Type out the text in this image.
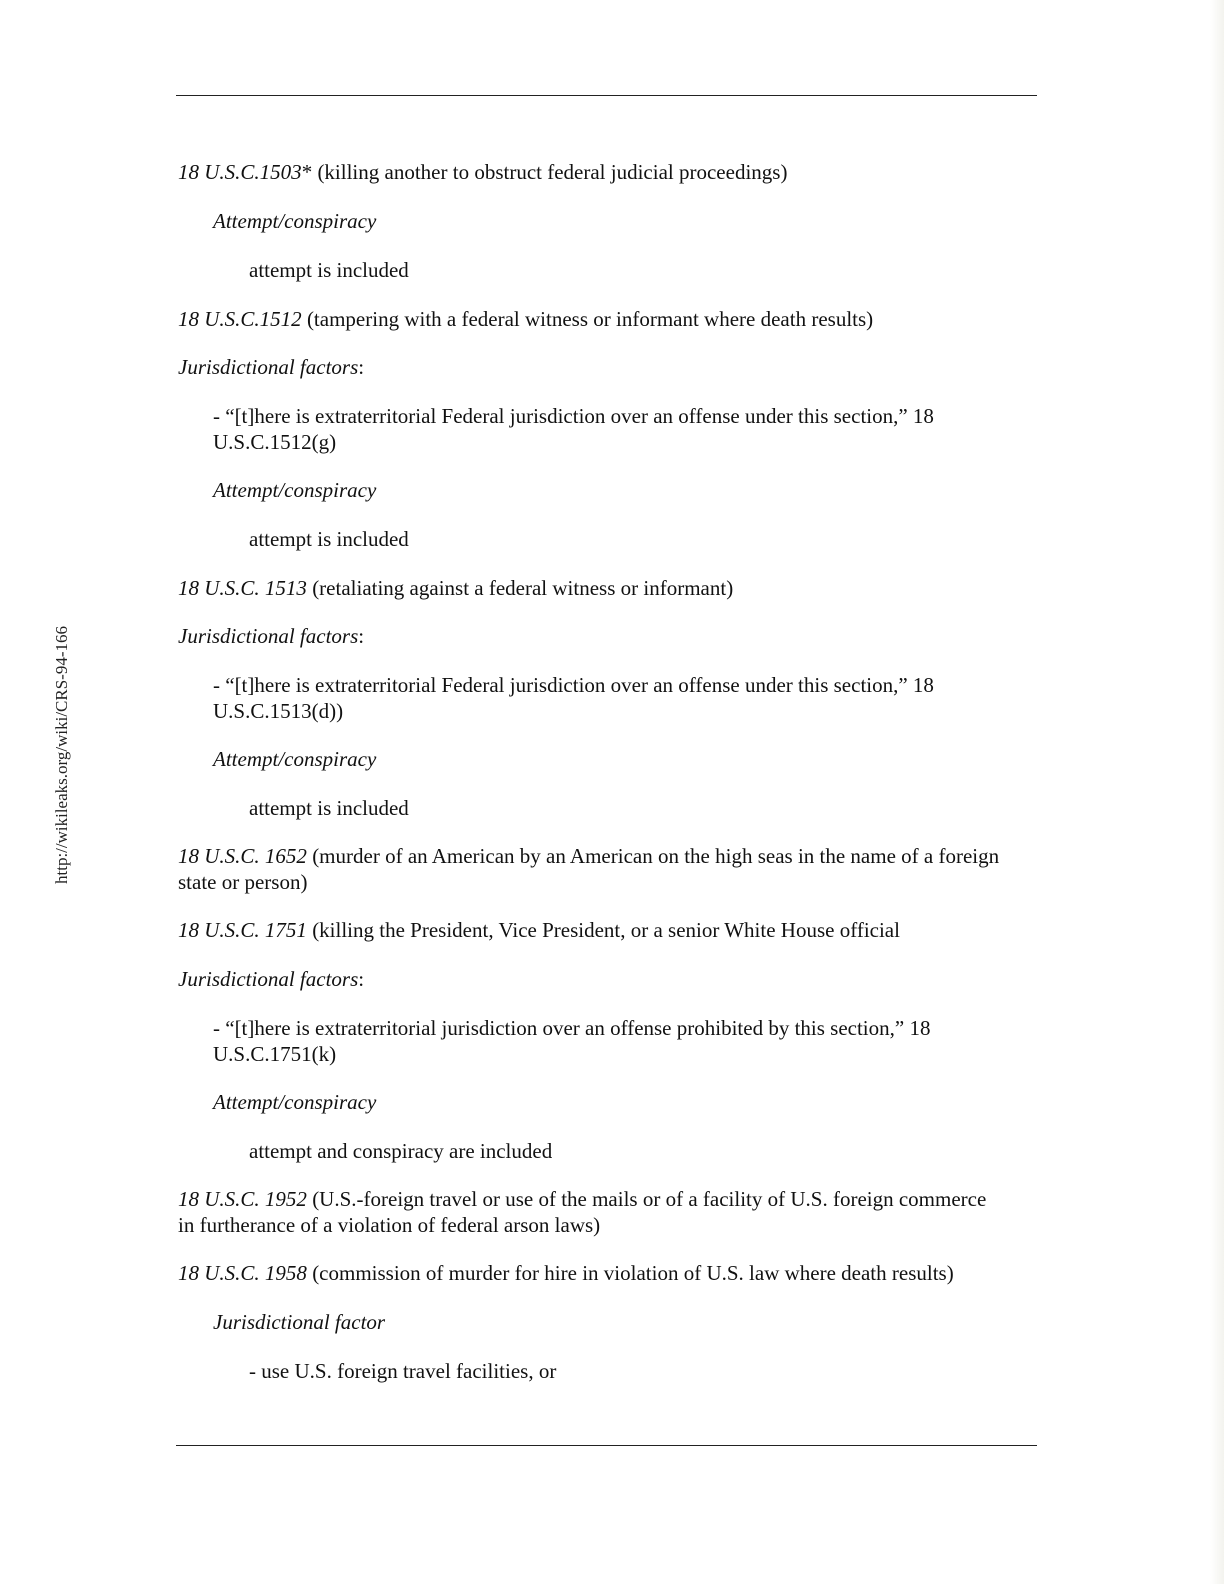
http://wikileaks.org/wiki/CRS-94-166
18 U.S.C.1503* (killing another to obstruct federal judicial proceedings)
Attempt/conspiracy
attempt is included
18 U.S.C.1512 (tampering with a federal witness or informant where death results)
Jurisdictional factors:
- “[t]here is extraterritorial Federal jurisdiction over an offense under this section,” 18
U.S.C.1512(g)
Attempt/conspiracy
attempt is included
18 U.S.C. 1513 (retaliating against a federal witness or informant)
Jurisdictional factors:
- “[t]here is extraterritorial Federal jurisdiction over an offense under this section,” 18
U.S.C.1513(d))
Attempt/conspiracy
attempt is included
18 U.S.C. 1652 (murder of an American by an American on the high seas in the name of a foreign
state or person)
18 U.S.C. 1751 (killing the President, Vice President, or a senior White House official
Jurisdictional factors:
- “[t]here is extraterritorial jurisdiction over an offense prohibited by this section,” 18
U.S.C.1751(k)
Attempt/conspiracy
attempt and conspiracy are included
18 U.S.C. 1952 (U.S.-foreign travel or use of the mails or of a facility of U.S. foreign commerce
in furtherance of a violation of federal arson laws)
18 U.S.C. 1958 (commission of murder for hire in violation of U.S. law where death results)
Jurisdictional factor
- use U.S. foreign travel facilities, or
